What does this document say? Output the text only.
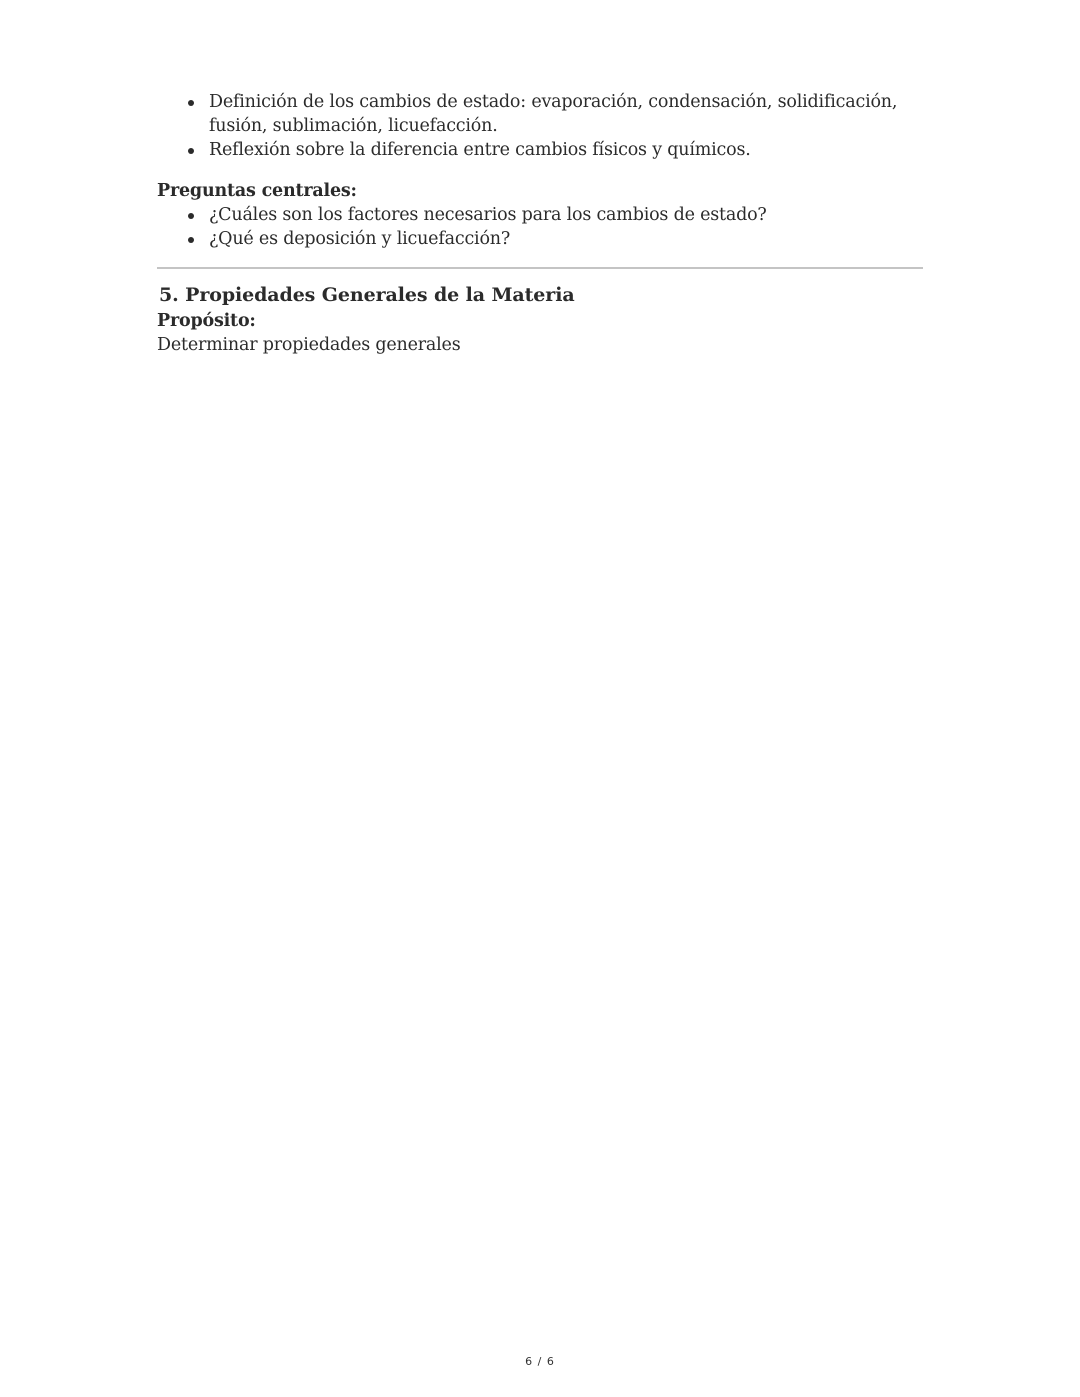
Definición de los cambios de estado: evaporación, condensación, solidificación, fusión, sublimación, licuefacción.
Reflexión sobre la diferencia entre cambios físicos y químicos.

Preguntas centrales:

¿Cuáles son los factores necesarios para los cambios de estado?
¿Qué es deposición y licuefacción?
5. Propiedades Generales de la Materia

Propósito:

Determinar propiedades generales

6 / 6
